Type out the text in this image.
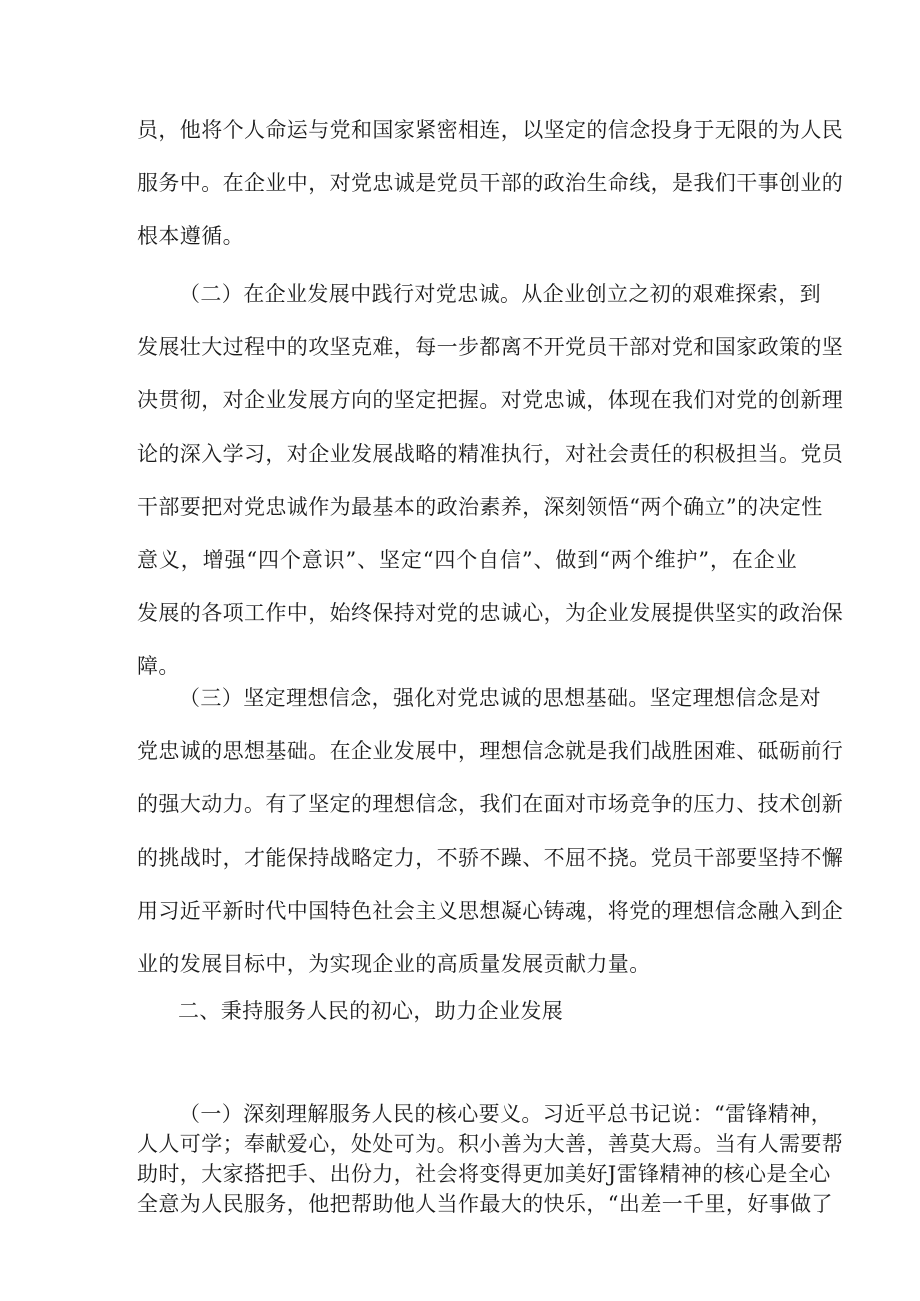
员，他将个人命运与党和国家紧密相连，以坚定的信念投身于无限的为人民
服务中。在企业中，对党忠诚是党员干部的政治生命线，是我们干事创业的
根本遵循。
（二）在企业发展中践行对党忠诚。从企业创立之初的艰难探索，到
发展壮大过程中的攻坚克难，每一步都离不开党员干部对党和国家政策的坚
决贯彻，对企业发展方向的坚定把握。对党忠诚，体现在我们对党的创新理
论的深入学习，对企业发展战略的精准执行，对社会责任的积极担当。党员
干部要把对党忠诚作为最基本的政治素养，深刻领悟“两个确立”的决定性
意义，增强“四个意识”、坚定“四个自信”、做到“两个维护”，在企业
发展的各项工作中，始终保持对党的忠诚心，为企业发展提供坚实的政治保
障。
（三）坚定理想信念，强化对党忠诚的思想基础。坚定理想信念是对
党忠诚的思想基础。在企业发展中，理想信念就是我们战胜困难、砥砺前行
的强大动力。有了坚定的理想信念，我们在面对市场竞争的压力、技术创新
的挑战时，才能保持战略定力，不骄不躁、不屈不挠。党员干部要坚持不懈
用习近平新时代中国特色社会主义思想凝心铸魂，将党的理想信念融入到企
业的发展目标中，为实现企业的高质量发展贡献力量。
二、秉持服务人民的初心，助力企业发展
（一）深刻理解服务人民的核心要义。习近平总书记说：“雷锋精神，
人人可学；奉献爱心，处处可为。积小善为大善，善莫大焉。当有人需要帮
助时，大家搭把手、出份力，社会将变得更加美好J雷锋精神的核心是全心
全意为人民服务，他把帮助他人当作最大的快乐，“出差一千里，好事做了
